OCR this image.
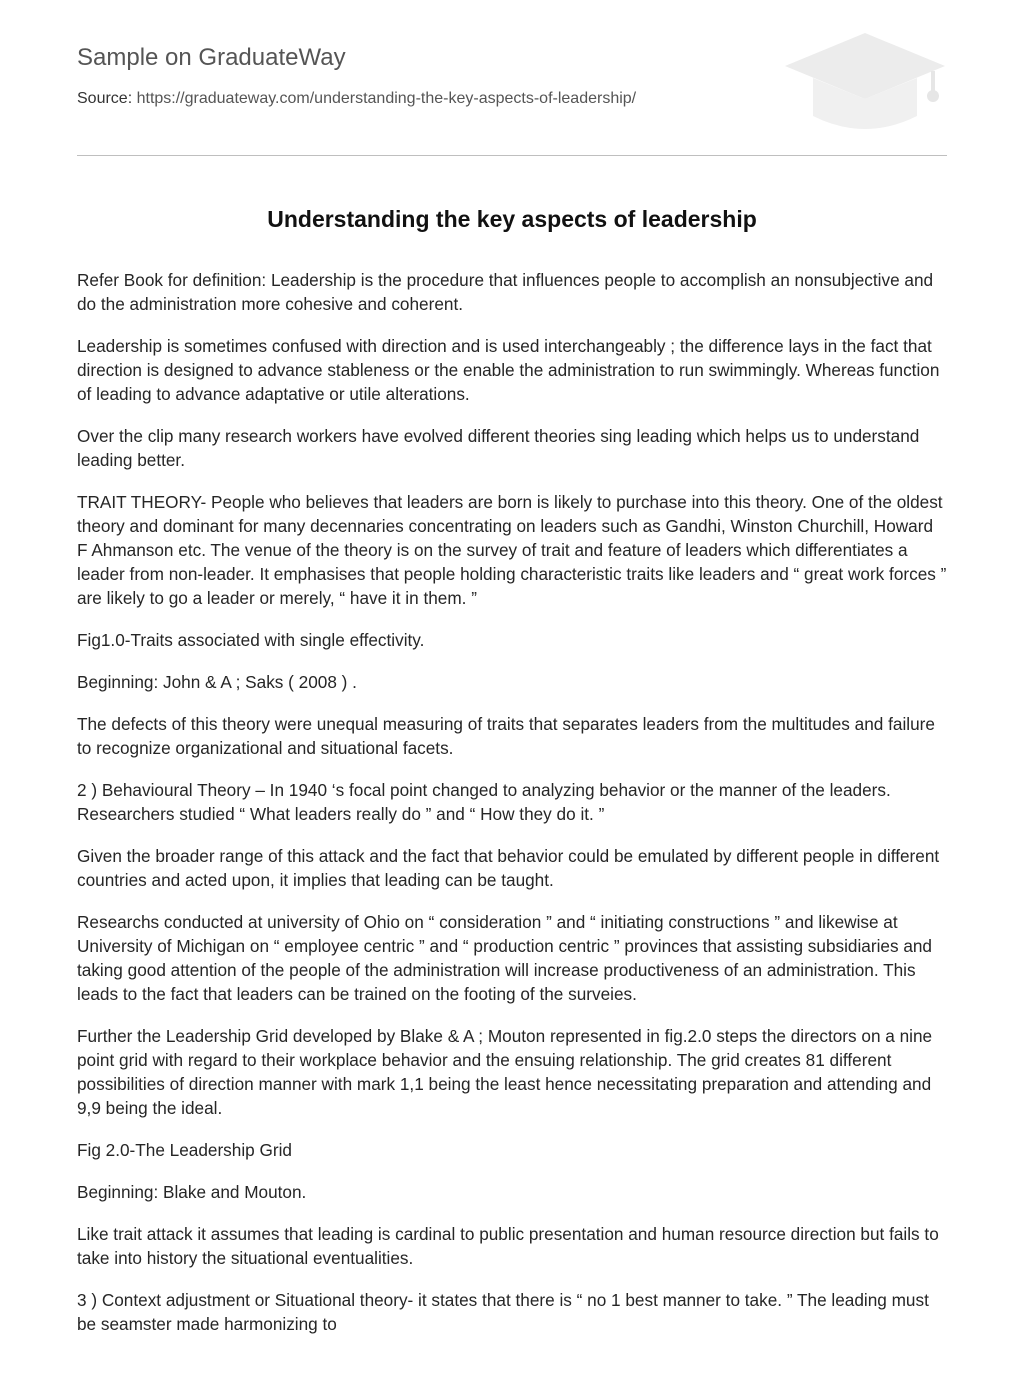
Sample on GraduateWay
Source: https://graduateway.com/understanding-the-key-aspects-of-leadership/
Understanding the key aspects of leadership

Refer Book for definition: Leadership is the procedure that influences people to accomplish an nonsubjective and do the administration more cohesive and coherent.

Leadership is sometimes confused with direction and is used interchangeably ; the difference lays in the fact that direction is designed to advance stableness or the enable the administration to run swimmingly. Whereas function of leading to advance adaptative or utile alterations.

Over the clip many research workers have evolved different theories sing leading which helps us to understand leading better.

TRAIT THEORY- People who believes that leaders are born is likely to purchase into this theory. One of the oldest theory and dominant for many decennaries concentrating on leaders such as Gandhi, Winston Churchill, Howard F Ahmanson etc. The venue of the theory is on the survey of trait and feature of leaders which differentiates a leader from non-leader. It emphasises that people holding characteristic traits like leaders and “ great work forces ” are likely to go a leader or merely, “ have it in them. ”

Fig1.0-Traits associated with single effectivity.

Beginning: John & A ; Saks ( 2008 ) .

The defects of this theory were unequal measuring of traits that separates leaders from the multitudes and failure to recognize organizational and situational facets.

2 ) Behavioural Theory – In 1940 ‘s focal point changed to analyzing behavior or the manner of the leaders. Researchers studied “ What leaders really do ” and “ How they do it. ”

Given the broader range of this attack and the fact that behavior could be emulated by different people in different countries and acted upon, it implies that leading can be taught.

Researchs conducted at university of Ohio on “ consideration ” and “ initiating constructions ” and likewise at University of Michigan on “ employee centric ” and “ production centric ” provinces that assisting subsidiaries and taking good attention of the people of the administration will increase productiveness of an administration. This leads to the fact that leaders can be trained on the footing of the surveies.

Further the Leadership Grid developed by Blake & A ; Mouton represented in fig.2.0 steps the directors on a nine point grid with regard to their workplace behavior and the ensuing relationship. The grid creates 81 different possibilities of direction manner with mark 1,1 being the least hence necessitating preparation and attending and 9,9 being the ideal.

Fig 2.0-The Leadership Grid

Beginning: Blake and Mouton.

Like trait attack it assumes that leading is cardinal to public presentation and human resource direction but fails to take into history the situational eventualities.

3 ) Context adjustment or Situational theory- it states that there is “ no 1 best manner to take. ” The leading must be seamster made harmonizing to
